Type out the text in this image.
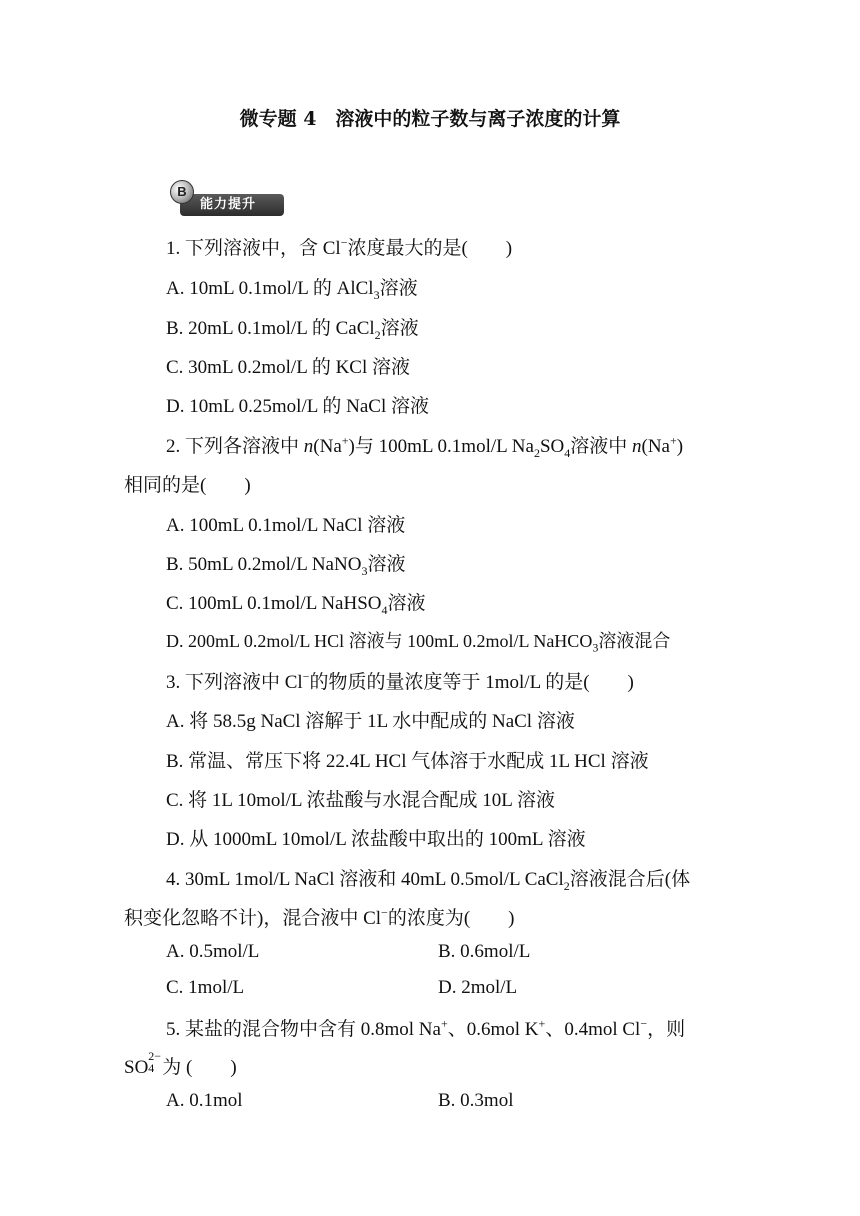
微专题 4　溶液中的粒子数与离子浓度的计算
B
能力提升
1. 下列溶液中，含 Cl−浓度最大的是(　　)
A. 10mL 0.1mol/L 的 AlCl$_3$溶液
B. 20mL 0.1mol/L 的 CaCl$_2$溶液
C. 30mL 0.2mol/L 的 KCl 溶液
D. 10mL 0.25mol/L 的 NaCl 溶液
2. 下列各溶液中 n(Na+)与 100mL 0.1mol/L $Na_2SO_4$溶液中 n(Na+)
相同的是(　　)
A. 100mL 0.1mol/L NaCl 溶液
B. 50mL 0.2mol/L NaNO$_3$溶液
C. 100mL 0.1mol/L NaHSO$_4$溶液
D. 200mL 0.2mol/L HCl 溶液与 100mL 0.2mol/L NaHCO$_3$溶液混合
3. 下列溶液中 Cl−的物质的量浓度等于 1mol/L 的是(　　)
A. 将 58.5g NaCl 溶解于 1L 水中配成的 NaCl 溶液
B. 常温、常压下将 22.4L HCl 气体溶于水配成 1L HCl 溶液
C. 将 1L 10mol/L 浓盐酸与水混合配成 10L 溶液
D. 从 1000mL 10mol/L 浓盐酸中取出的 100mL 溶液
4. 30mL 1mol/L NaCl 溶液和 40mL 0.5mol/L CaCl$_2$溶液混合后(体
积变化忽略不计)，混合液中 Cl−的浓度为(　　)
A. 0.5mol/L	B. 0.6mol/L
C. 1mol/L	D. 2mol/L
5. 某盐的混合物中含有 0.8mol Na+、0.6mol K+、0.4mol Cl−，则
SO
2−
4 为 (　　)
A. 0.1mol	B. 0.3mol
